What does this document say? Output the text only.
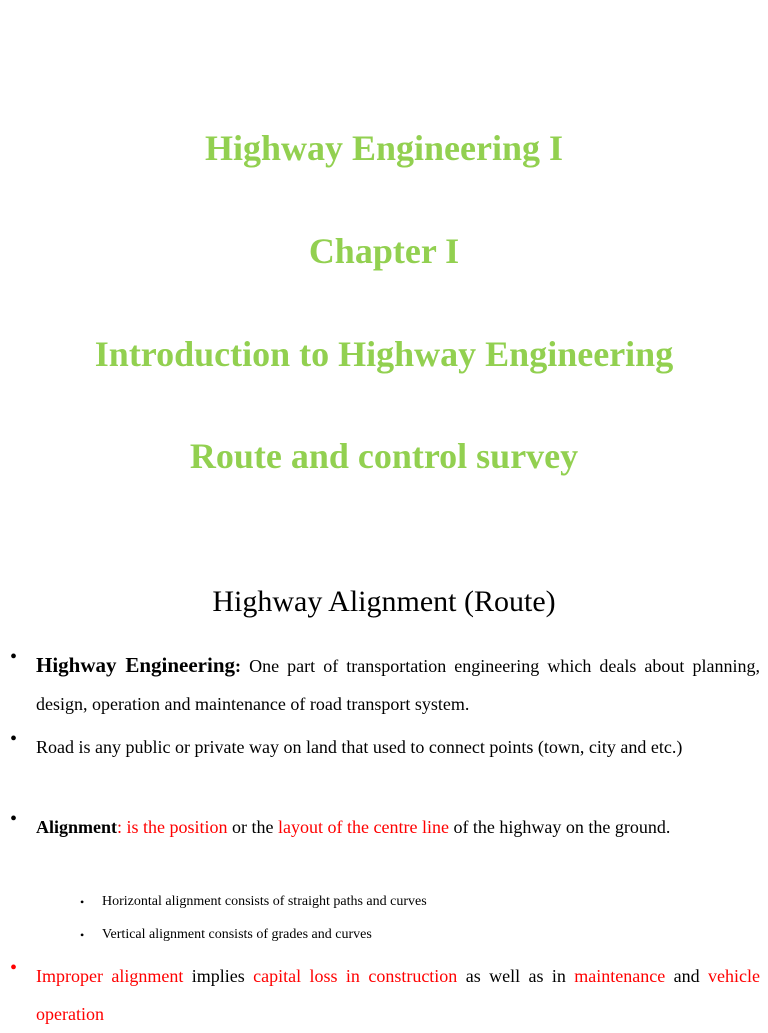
Highway Engineering I
Chapter I
Introduction to Highway Engineering
Route and control survey
Highway Alignment (Route)
• Highway Engineering: One part of transportation engineering which deals about planning, design, operation and maintenance of road transport system.
• Road is any public or private way on land that used to connect points (town, city and etc.)
• Alignment: is the position or the layout of the centre line of the highway on the ground.
• Horizontal alignment consists of straight paths and curves
• Vertical alignment consists of grades and curves
• Improper alignment implies capital loss in construction as well as in maintenance and vehicle operation
